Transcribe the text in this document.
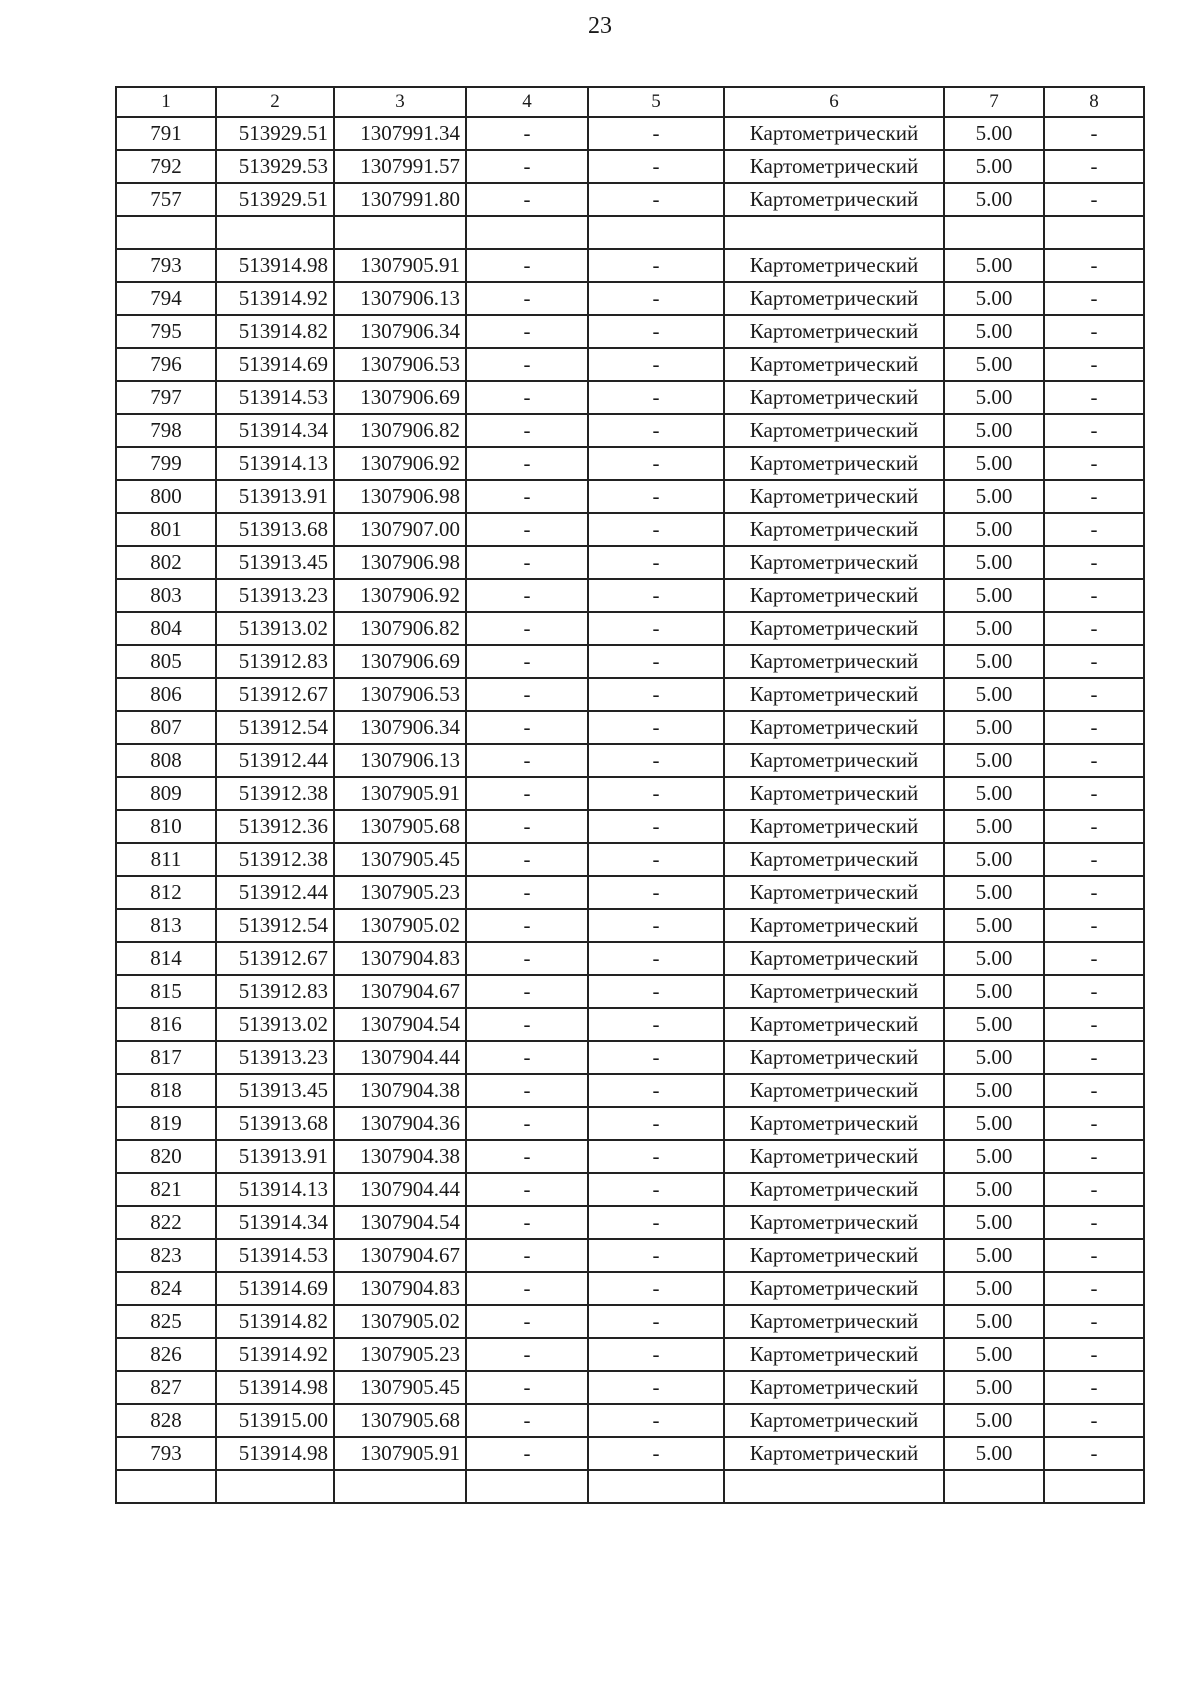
23
1	2	3	4	5	6	7	8
791	513929.51	1307991.34	-	-	Картометрический	5.00	-
792	513929.53	1307991.57	-	-	Картометрический	5.00	-
757	513929.51	1307991.80	-	-	Картометрический	5.00	-

793	513914.98	1307905.91	-	-	Картометрический	5.00	-
794	513914.92	1307906.13	-	-	Картометрический	5.00	-
795	513914.82	1307906.34	-	-	Картометрический	5.00	-
796	513914.69	1307906.53	-	-	Картометрический	5.00	-
797	513914.53	1307906.69	-	-	Картометрический	5.00	-
798	513914.34	1307906.82	-	-	Картометрический	5.00	-
799	513914.13	1307906.92	-	-	Картометрический	5.00	-
800	513913.91	1307906.98	-	-	Картометрический	5.00	-
801	513913.68	1307907.00	-	-	Картометрический	5.00	-
802	513913.45	1307906.98	-	-	Картометрический	5.00	-
803	513913.23	1307906.92	-	-	Картометрический	5.00	-
804	513913.02	1307906.82	-	-	Картометрический	5.00	-
805	513912.83	1307906.69	-	-	Картометрический	5.00	-
806	513912.67	1307906.53	-	-	Картометрический	5.00	-
807	513912.54	1307906.34	-	-	Картометрический	5.00	-
808	513912.44	1307906.13	-	-	Картометрический	5.00	-
809	513912.38	1307905.91	-	-	Картометрический	5.00	-
810	513912.36	1307905.68	-	-	Картометрический	5.00	-
811	513912.38	1307905.45	-	-	Картометрический	5.00	-
812	513912.44	1307905.23	-	-	Картометрический	5.00	-
813	513912.54	1307905.02	-	-	Картометрический	5.00	-
814	513912.67	1307904.83	-	-	Картометрический	5.00	-
815	513912.83	1307904.67	-	-	Картометрический	5.00	-
816	513913.02	1307904.54	-	-	Картометрический	5.00	-
817	513913.23	1307904.44	-	-	Картометрический	5.00	-
818	513913.45	1307904.38	-	-	Картометрический	5.00	-
819	513913.68	1307904.36	-	-	Картометрический	5.00	-
820	513913.91	1307904.38	-	-	Картометрический	5.00	-
821	513914.13	1307904.44	-	-	Картометрический	5.00	-
822	513914.34	1307904.54	-	-	Картометрический	5.00	-
823	513914.53	1307904.67	-	-	Картометрический	5.00	-
824	513914.69	1307904.83	-	-	Картометрический	5.00	-
825	513914.82	1307905.02	-	-	Картометрический	5.00	-
826	513914.92	1307905.23	-	-	Картометрический	5.00	-
827	513914.98	1307905.45	-	-	Картометрический	5.00	-
828	513915.00	1307905.68	-	-	Картометрический	5.00	-
793	513914.98	1307905.91	-	-	Картометрический	5.00	-
